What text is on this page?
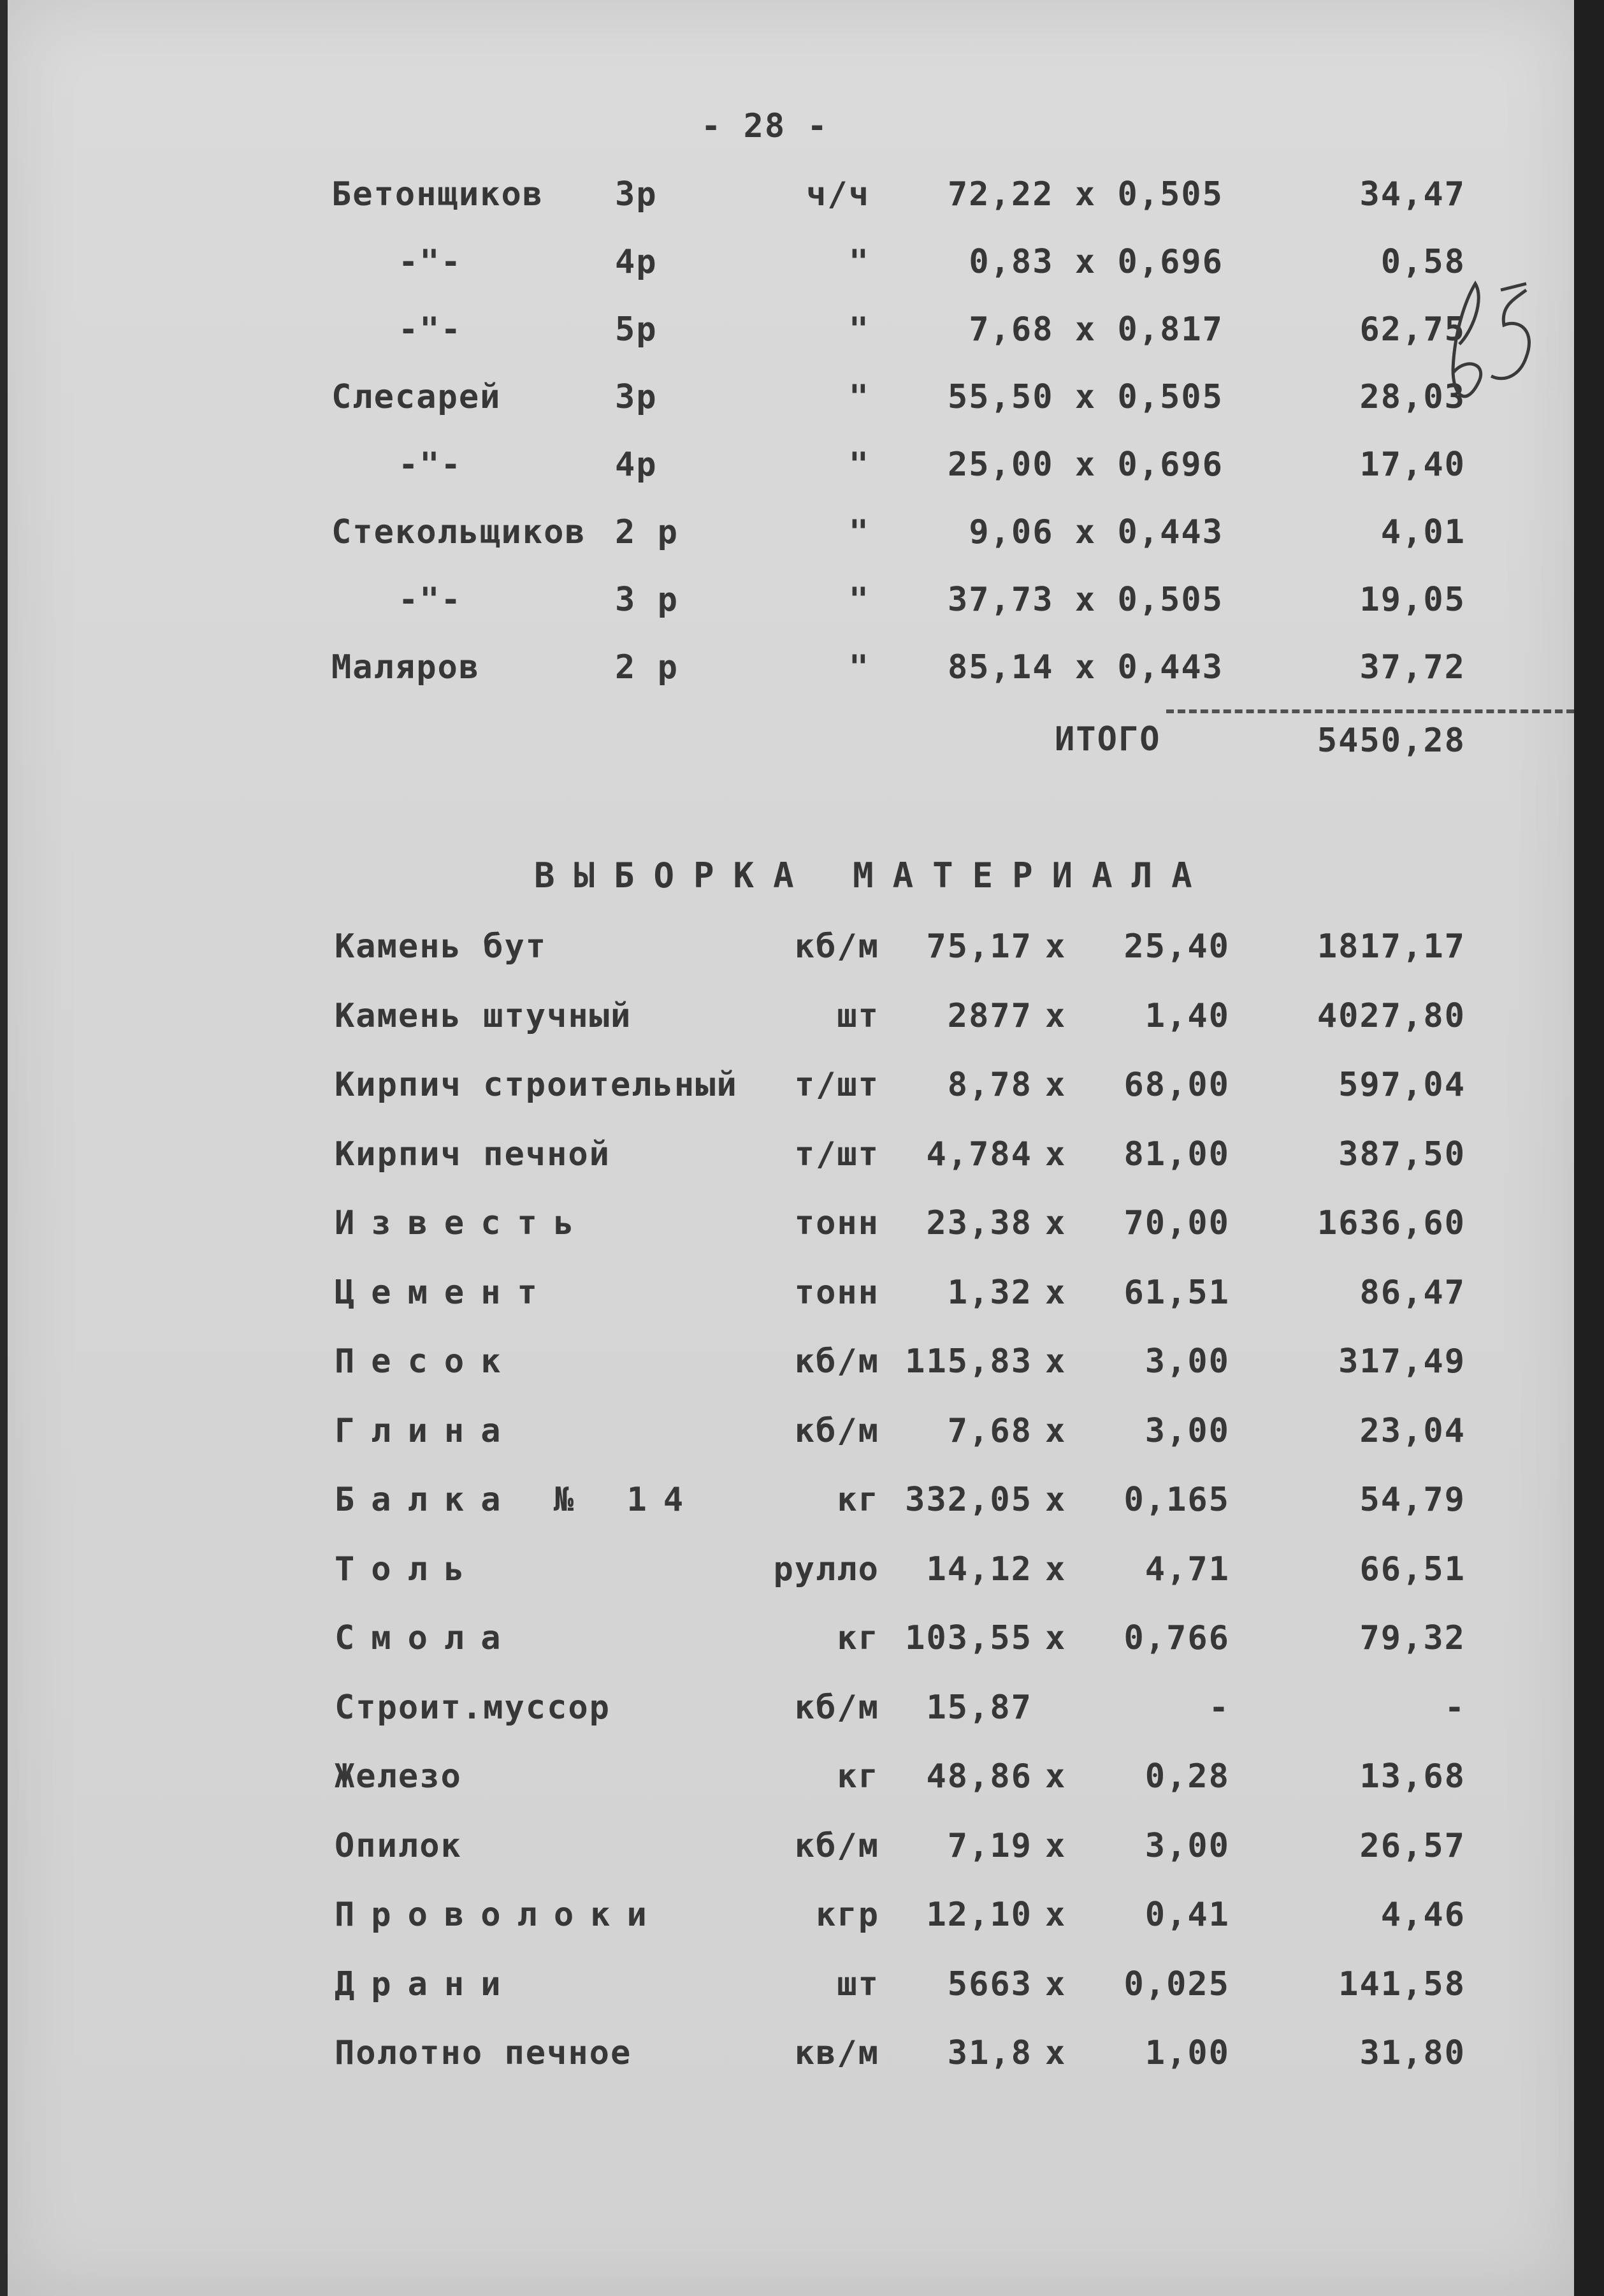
- 28 -
Бетонщиков 3р	ч/ч	72,22 х 0,505	34,47
-"-	4р	"	0,83 х 0,696	0,58
-"-	5р	"	7,68 х 0,817	62,75
Слесарей	3р	"	55,50 х 0,505	28,03
-"-	4р	"	25,00 х 0,696	17,40
Стекольщиков 2 р	"	9,06 х 0,443	4,01
-"-	3 р	"	37,73 х 0,505	19,05
Маляров	2 р	"	85,14 х 0,443	37,72
ИТОГО	5450,28
ВЫБОРКА МАТЕРИАЛА
Камень бут	кб/м	75,17 х	25,40	1817,17
Камень штучный	шт	2877 х	1,40	4027,80
Кирпич строительный	т/шт	8,78 х	68,00	597,04
Кирпич печной	т/шт	4,784 х	81,00	387,50
Известь	тонн	23,38 х	70,00	1636,60
Цемент	тонн	1,32 х	61,51	86,47
Песок	кб/м 115,83 х	3,00	317,49
Глина	кб/м	7,68 х	3,00	23,04
Балка № 14	кг 332,05 х	0,165	54,79
Толь	рулло	14,12 х	4,71	66,51
Смола	кг 103,55 х	0,766	79,32
Строит.муссор	кб/м	15,87	-	-
Железо	кг	48,86 х	0,28	13,68
Опилок	кб/м	7,19 х	3,00	26,57
Проволоки	кгр	12,10 х	0,41	4,46
Драни	шт	5663 х	0,025	141,58
Полотно печное	кв/м	31,8 х	1,00	31,80
65
